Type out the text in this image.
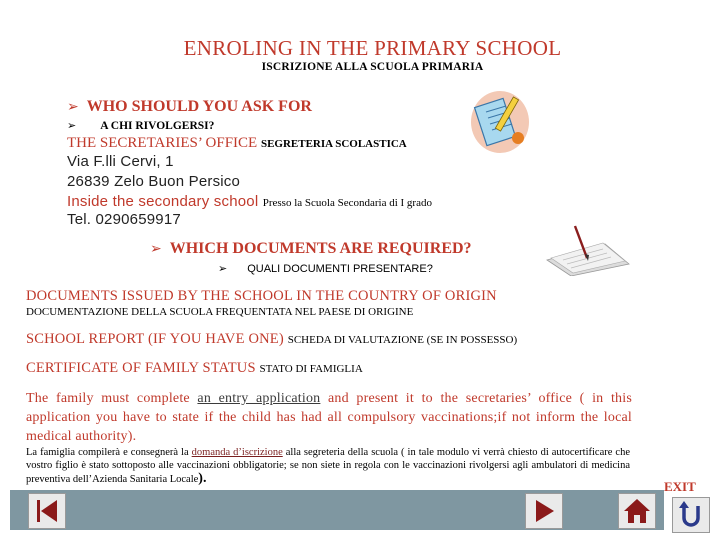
ENROLING IN THE PRIMARY SCHOOL
ISCRIZIONE ALLA SCUOLA PRIMARIA
➢ WHO SHOULD YOU ASK FOR
➢ A CHI RIVOLGERSI?
THE SECRETARIES’ OFFICE SEGRETERIA SCOLASTICA
Via F.lli Cervi, 1
26839 Zelo Buon Persico
Inside the secondary school Presso la Scuola Secondaria di I grado
Tel. 0290659917
➢ WHICH DOCUMENTS ARE REQUIRED?
➢ QUALI DOCUMENTI PRESENTARE?
DOCUMENTS ISSUED BY THE SCHOOL IN THE COUNTRY OF ORIGIN
DOCUMENTAZIONE DELLA SCUOLA FREQUENTATA NEL PAESE DI ORIGINE
SCHOOL REPORT (IF YOU HAVE ONE) SCHEDA DI VALUTAZIONE (SE IN POSSESSO)
CERTIFICATE OF FAMILY STATUS STATO DI FAMIGLIA
The family must complete an entry application and present it to the secretaries’ office ( in this application you have to state if the child has had all compulsory vaccinations;if not inform the local medical authority).
La famiglia compilerà e consegnerà la domanda d’iscrizione alla segreteria della scuola ( in tale modulo vi verrà chiesto di autocertificare che vostro figlio è stato sottoposto alle vaccinazioni obbligatorie; se non siete in regola con le vaccinazioni rivolgersi agli ambulatori di medicina preventiva dell’Azienda Sanitaria Locale).
EXIT
